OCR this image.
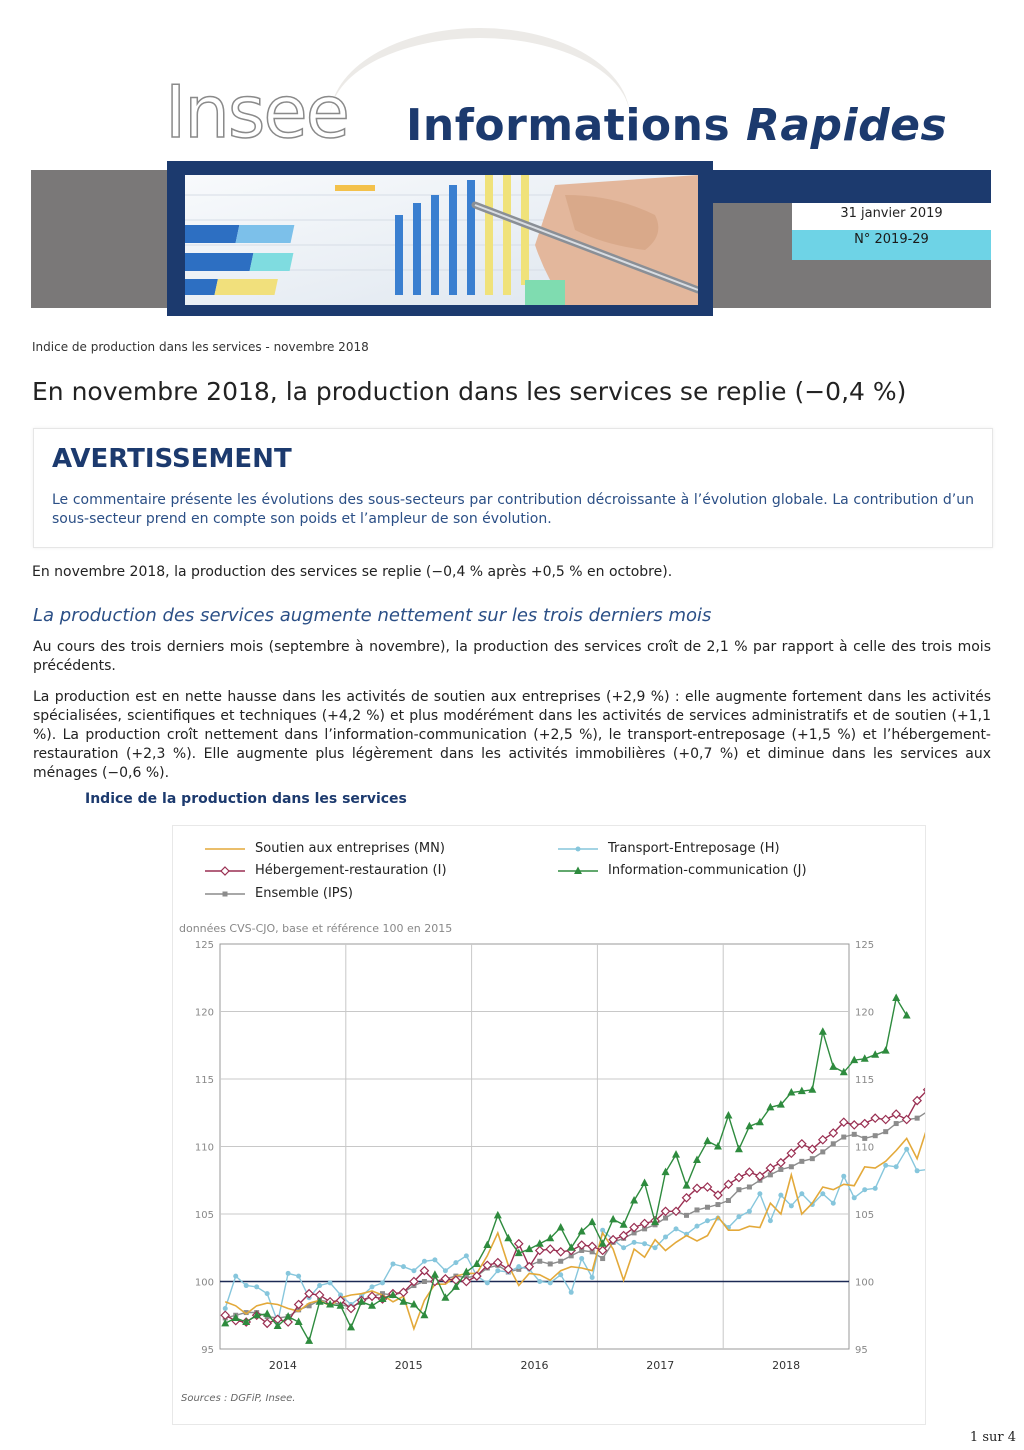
Insee Informations Rapides
31 janvier 2019
N° 2019-29
Indice de production dans les services - novembre 2018
En novembre 2018, la production dans les services se replie (−0,4 %)
AVERTISSEMENT
Le commentaire présente les évolutions des sous-secteurs par contribution décroissante à l’évolution globale. La contribution d’un sous-secteur prend en compte son poids et l’ampleur de son évolution.
En novembre 2018, la production des services se replie (−0,4 % après +0,5 % en octobre).
La production des services augmente nettement sur les trois derniers mois
Au cours des trois derniers mois (septembre à novembre), la production des services croît de 2,1 % par rapport à celle des trois mois précédents.
La production est en nette hausse dans les activités de soutien aux entreprises (+2,9 %) : elle augmente fortement dans les activités spécialisées, scientifiques et techniques (+4,2 %) et plus modérément dans les activités de services administratifs et de soutien (+1,1 %). La production croît nettement dans l’information-communication (+2,5 %), le transport-entreposage (+1,5 %) et l’hébergement-restauration (+2,3 %). Elle augmente plus légèrement dans les activités immobilières (+0,7 %) et diminue dans les services aux ménages (−0,6 %).
Indice de la production dans les services
Soutien aux entreprises (MN)	Transport-Entreposage (H)
Hébergement-restauration (I)	Information-communication (J)
Ensemble (IPS)
données CVS-CJO, base et référence 100 en 2015
95	95
100	100
105	105
110	110
115	115
120	120
125	125
2014	2015	2016	2017	2018
Sources : DGFiP, Insee.
1 sur 4
